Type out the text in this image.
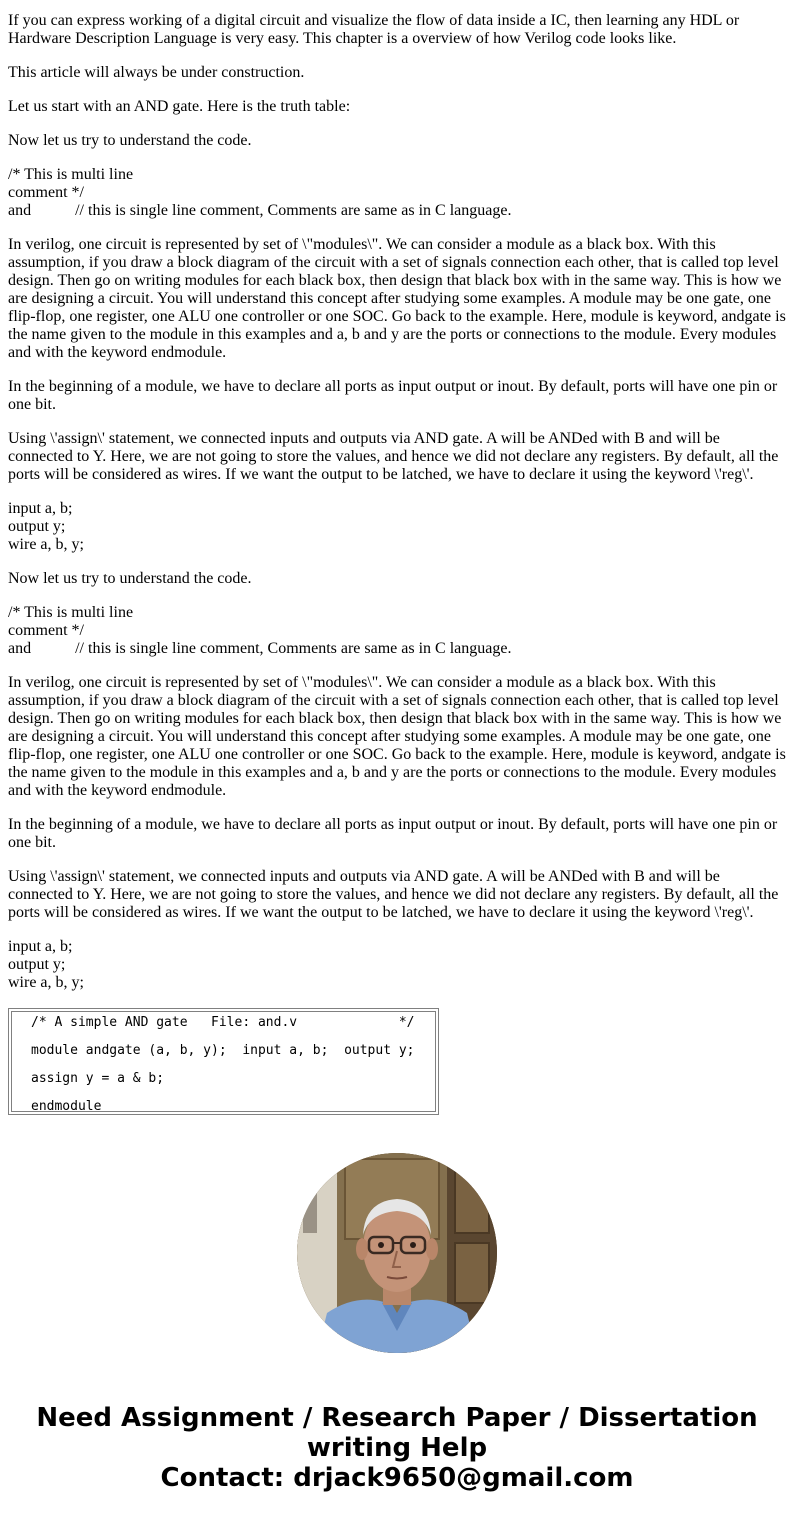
If you can express working of a digital circuit and visualize the flow of data inside a IC, then learning any HDL or Hardware Description Language is very easy. This chapter is a overview of how Verilog code looks like.

This article will always be under construction.

Let us start with an AND gate. Here is the truth table:

Now let us try to understand the code.

/* This is multi line
comment */
and           // this is single line comment, Comments are same as in C language.

In verilog, one circuit is represented by set of \"modules\". We can consider a module as a black box. With this assumption, if you draw a block diagram of the circuit with a set of signals connection each other, that is called top level design. Then go on writing modules for each black box, then design that black box with in the same way. This is how we are designing a circuit. You will understand this concept after studying some examples. A module may be one gate, one flip-flop, one register, one ALU one controller or one SOC. Go back to the example. Here, module is keyword, andgate is the name given to the module in this examples and a, b and y are the ports or connections to the module. Every modules and with the keyword endmodule.

In the beginning of a module, we have to declare all ports as input output or inout. By default, ports will have one pin or one bit.

Using \'assign\' statement, we connected inputs and outputs via AND gate. A will be ANDed with B and will be connected to Y. Here, we are not going to store the values, and hence we did not declare any registers. By default, all the ports will be considered as wires. If we want the output to be latched, we have to declare it using the keyword \'reg\'.

input a, b;
output y;
wire a, b, y;

Now let us try to understand the code.

/* This is multi line
comment */
and           // this is single line comment, Comments are same as in C language.

In verilog, one circuit is represented by set of \"modules\". We can consider a module as a black box. With this assumption, if you draw a block diagram of the circuit with a set of signals connection each other, that is called top level design. Then go on writing modules for each black box, then design that black box with in the same way. This is how we are designing a circuit. You will understand this concept after studying some examples. A module may be one gate, one flip-flop, one register, one ALU one controller or one SOC. Go back to the example. Here, module is keyword, andgate is the name given to the module in this examples and a, b and y are the ports or connections to the module. Every modules and with the keyword endmodule.

In the beginning of a module, we have to declare all ports as input output or inout. By default, ports will have one pin or one bit.

Using \'assign\' statement, we connected inputs and outputs via AND gate. A will be ANDed with B and will be connected to Y. Here, we are not going to store the values, and hence we did not declare any registers. By default, all the ports will be considered as wires. If we want the output to be latched, we have to declare it using the keyword \'reg\'.

input a, b;
output y;
wire a, b, y;
/* A simple AND gate   File: and.v             */
module andgate (a, b, y);  input a, b;  output y;
assign y = a & b;
endmodule
Need Assignment / Research Paper / Dissertation
writing Help
Contact: drjack9650@gmail.com
